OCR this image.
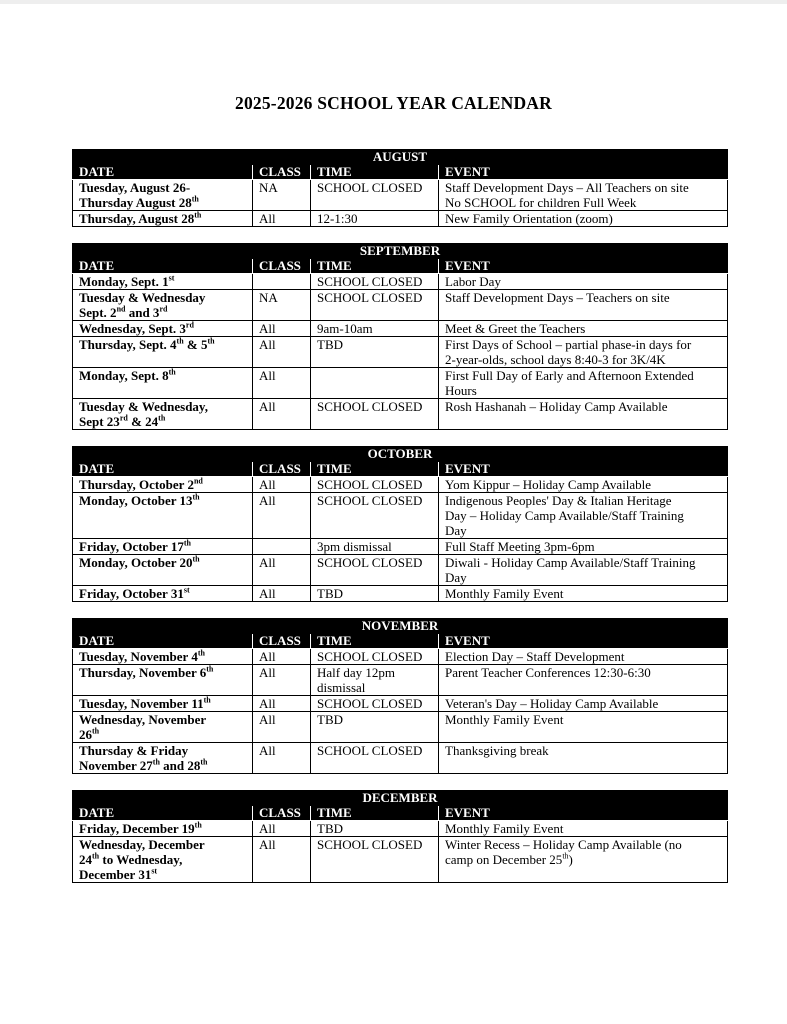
2025-2026 SCHOOL YEAR CALENDAR
AUGUST			
DATE	CLASS	TIME	EVENT

Tuesday, August 26-
Thursday August 28th	NA	SCHOOL CLOSED	Staff Development Days – All Teachers on site
No SCHOOL for children Full Week

Thursday, August 28th	All	12-1:30	New Family Orientation (zoom)
SEPTEMBER			
DATE	CLASS	TIME	EVENT

Monday, Sept. 1st		SCHOOL CLOSED	Labor Day

Tuesday & Wednesday
Sept. 2nd and 3rd	NA	SCHOOL CLOSED	Staff Development Days – Teachers on site

Wednesday, Sept. 3rd	All	9am-10am	Meet & Greet the Teachers

Thursday, Sept. 4th & 5th	All	TBD	First Days of School – partial phase-in days for
2-year-olds, school days 8:40-3 for 3K/4K

Monday, Sept. 8th	All		First Full Day of Early and Afternoon Extended
Hours

Tuesday & Wednesday,
Sept 23rd & 24th	All	SCHOOL CLOSED	Rosh Hashanah – Holiday Camp Available
OCTOBER			
DATE	CLASS	TIME	EVENT

Thursday, October 2nd	All	SCHOOL CLOSED	Yom Kippur – Holiday Camp Available

Monday, October 13th	All	SCHOOL CLOSED	Indigenous Peoples' Day & Italian Heritage
Day – Holiday Camp Available/Staff Training
Day

Friday, October 17th		3pm dismissal	Full Staff Meeting 3pm-6pm

Monday, October 20th	All	SCHOOL CLOSED	Diwali - Holiday Camp Available/Staff Training
Day

Friday, October 31st	All	TBD	Monthly Family Event
NOVEMBER			
DATE	CLASS	TIME	EVENT

Tuesday, November 4th	All	SCHOOL CLOSED	Election Day – Staff Development

Thursday, November 6th	All	Half day 12pm
dismissal	Parent Teacher Conferences 12:30-6:30

Tuesday, November 11th	All	SCHOOL CLOSED	Veteran's Day – Holiday Camp Available

Wednesday, November
26th	All	TBD	Monthly Family Event

Thursday & Friday
November 27th and 28th	All	SCHOOL CLOSED	Thanksgiving break
DECEMBER			
DATE	CLASS	TIME	EVENT

Friday, December 19th	All	TBD	Monthly Family Event

Wednesday, December
24th to Wednesday,
December 31st	All	SCHOOL CLOSED	Winter Recess – Holiday Camp Available (no
camp on December 25th)
